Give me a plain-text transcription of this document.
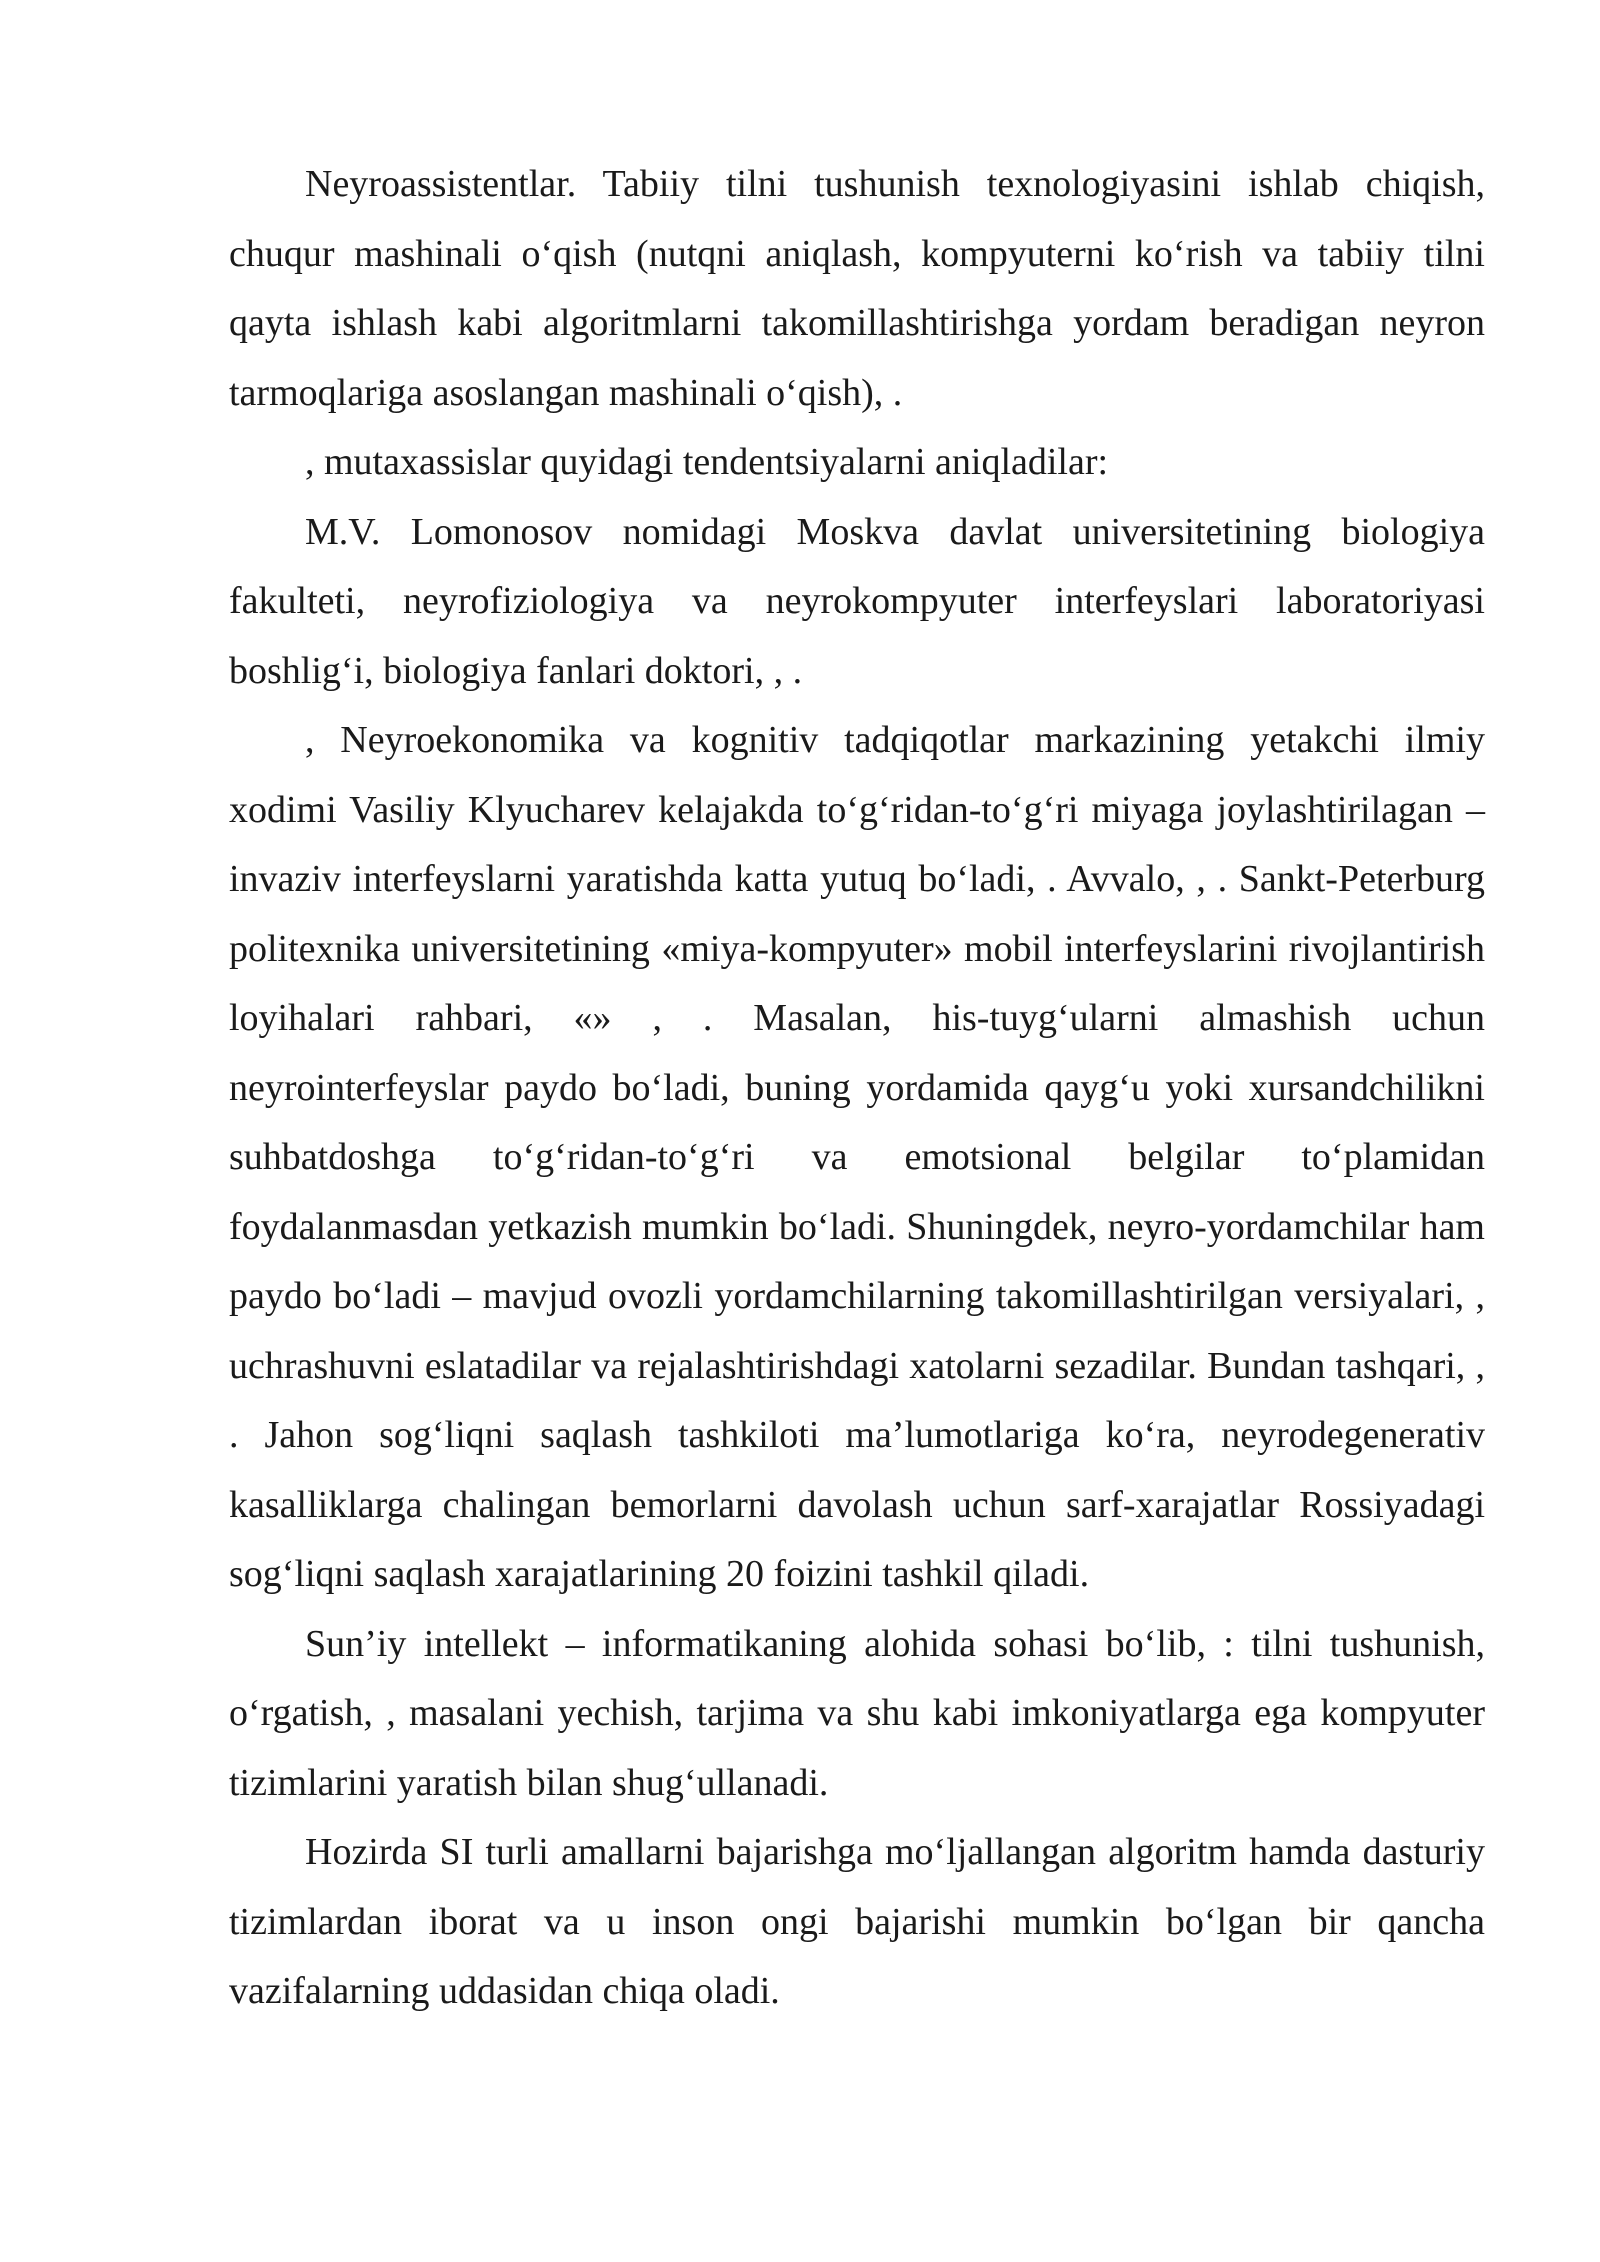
Neyroassistentlar. Tabiiy tilni tushunish texnologiyasini ishlab chiqish, chuqur mashinali o‘qish (nutqni aniqlash, kompyuterni ko‘rish va tabiiy tilni qayta ishlash kabi algoritmlarni takomillashtirishga yordam beradigan neyron tarmoqlariga asoslangan mashinali o‘qish), .

, mutaxassislar quyidagi tendentsiyalarni aniqladilar:

M.V. Lomonosov nomidagi Moskva davlat universitetining biologiya fakulteti, neyrofiziologiya va neyrokompyuter interfeyslari laboratoriyasi boshlig‘i, biologiya fanlari doktori, , .

, Neyroekonomika va kognitiv tadqiqotlar markazining yetakchi ilmiy xodimi Vasiliy Klyucharev kelajakda to‘g‘ridan-to‘g‘ri miyaga joylashtirilagan – invaziv interfeyslarni yaratishda katta yutuq bo‘ladi, . Avvalo, , . Sankt-Peterburg politexnika universitetining «miya-kompyuter» mobil interfeyslarini rivojlantirish loyihalari rahbari, «» , . Masalan, his-tuyg‘ularni almashish uchun neyrointerfeyslar paydo bo‘ladi, buning yordamida qayg‘u yoki xursandchilikni suhbatdoshga to‘g‘ridan-to‘g‘ri va emotsional belgilar to‘plamidan foydalanmasdan yetkazish mumkin bo‘ladi. Shuningdek, neyro-yordamchilar ham paydo bo‘ladi – mavjud ovozli yordamchilarning takomillashtirilgan versiyalari, , uchrashuvni eslatadilar va rejalashtirishdagi xatolarni sezadilar. Bundan tashqari, , . Jahon sog‘liqni saqlash tashkiloti ma’lumotlariga ko‘ra, neyrodegenerativ kasalliklarga chalingan bemorlarni davolash uchun sarf-xarajatlar Rossiyadagi sog‘liqni saqlash xarajatlarining 20 foizini tashkil qiladi.

Sun’iy intellekt – informatikaning alohida sohasi bo‘lib, : tilni tushunish, o‘rgatish, , masalani yechish, tarjima va shu kabi imkoniyatlarga ega kompyuter tizimlarini yaratish bilan shug‘ullanadi.

Hozirda SI turli amallarni bajarishga mo‘ljallangan algoritm hamda dasturiy tizimlardan iborat va u inson ongi bajarishi mumkin bo‘lgan bir qancha vazifalarning uddasidan chiqa oladi.
